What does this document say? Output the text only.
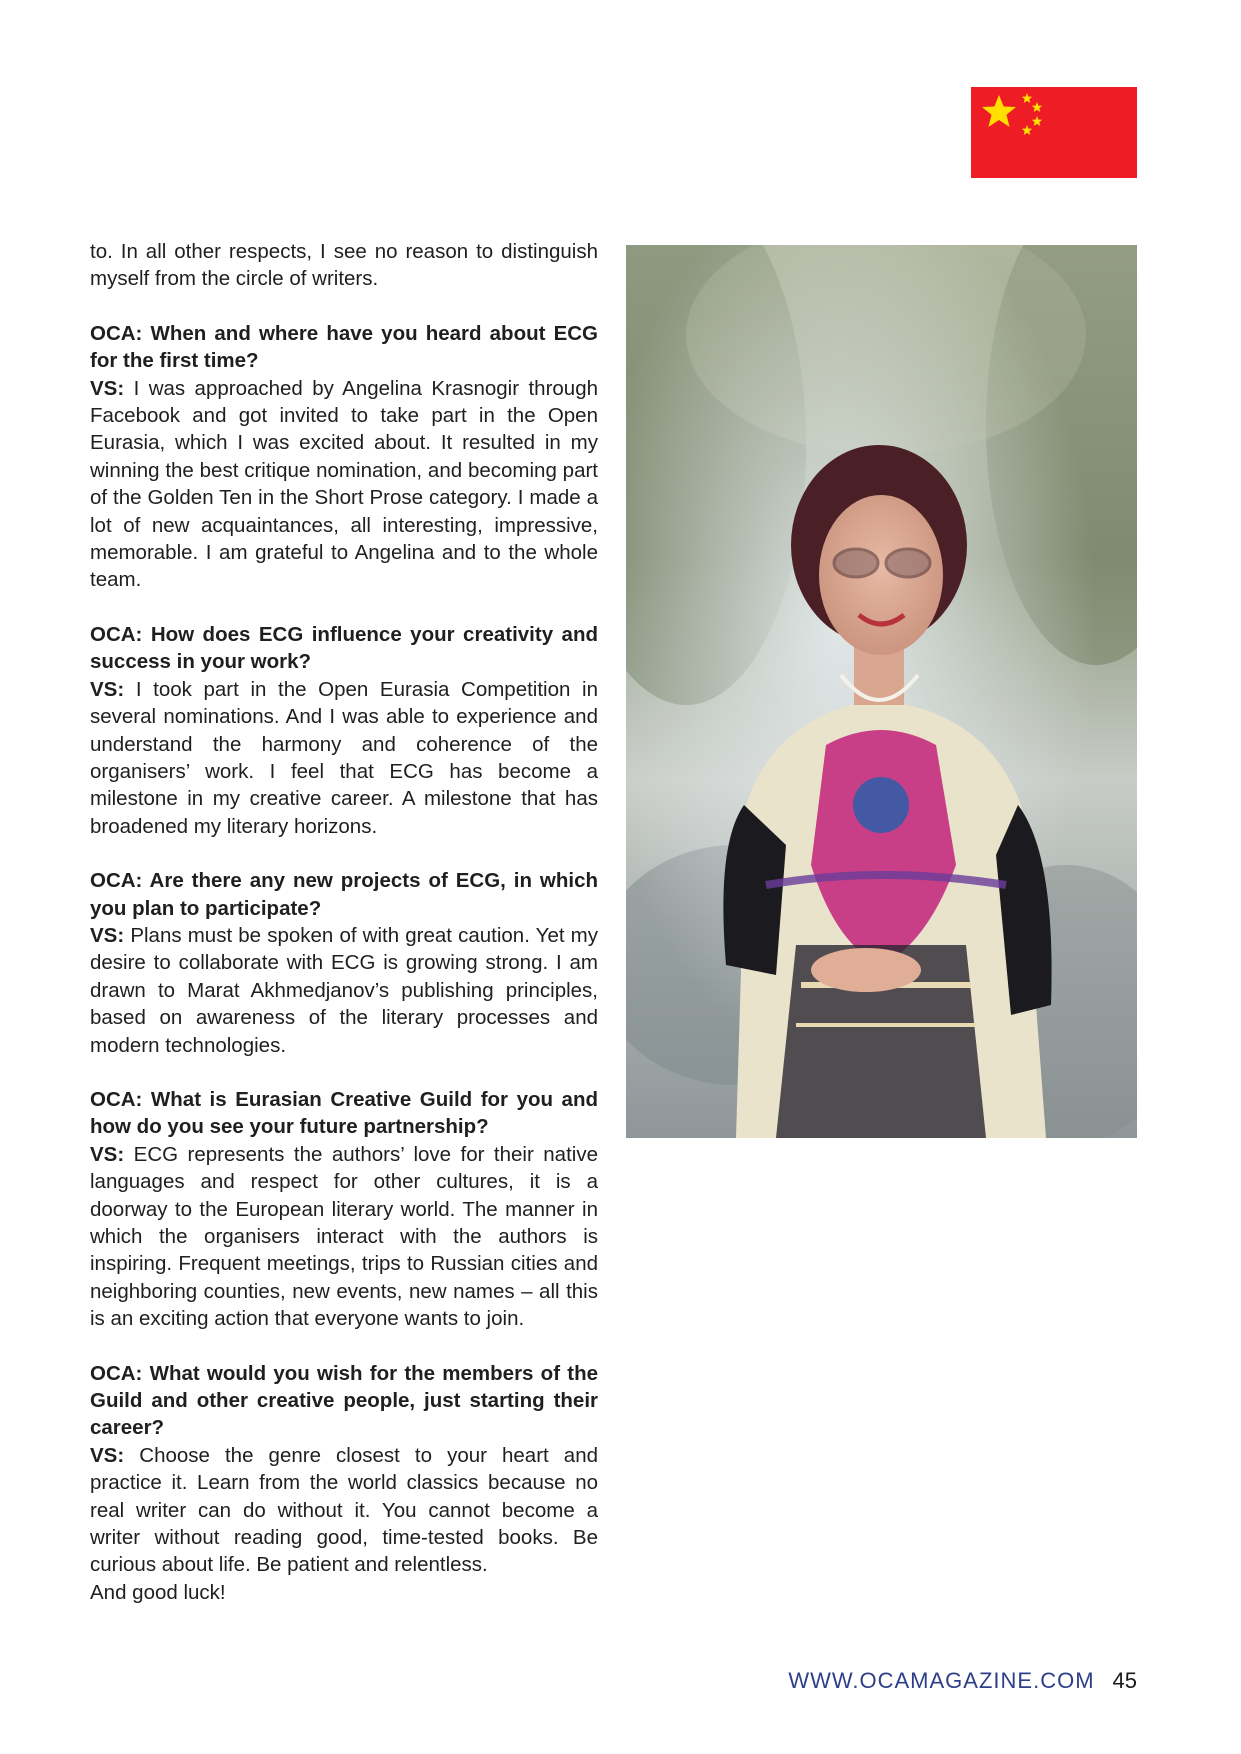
to. In all other respects, I see no reason to distinguish myself from the circle of writers.

OCA: When and where have you heard about ECG for the first time?

VS: I was approached by Angelina Krasnogir through Facebook and got invited to take part in the Open Eurasia, which I was excited about. It resulted in my winning the best critique nomination, and becoming part of the Golden Ten in the Short Prose category. I made a lot of new acquaintances, all interesting, impressive, memorable. I am grateful to Angelina and to the whole team.

OCA: How does ECG influence your creativity and success in your work?

VS: I took part in the Open Eurasia Competition in several nominations. And I was able to experience and understand the harmony and coherence of the organisers’ work. I feel that ECG has become a milestone in my creative career. A milestone that has broadened my literary horizons.

OCA: Are there any new projects of ECG, in which you plan to participate?

VS: Plans must be spoken of with great caution. Yet my desire to collaborate with ECG is growing strong. I am drawn to Marat Akhmedjanov’s publishing principles, based on awareness of the literary processes and modern technologies.

OCA: What is Eurasian Creative Guild for you and how do you see your future partnership?

VS: ECG represents the authors’ love for their native languages and respect for other cultures, it is a doorway to the European literary world. The manner in which the organisers interact with the authors is inspiring. Frequent meetings, trips to Russian cities and neighboring counties, new events, new names – all this is an exciting action that everyone wants to join.

OCA: What would you wish for the members of the Guild and other creative people, just starting their career?

VS: Choose the genre closest to your heart and practice it. Learn from the world classics because no real writer can do without it. You cannot become a writer without reading good, time-tested books. Be curious about life. Be patient and relentless.

And good luck!

WWW.OCAMAGAZINE.COM 45
